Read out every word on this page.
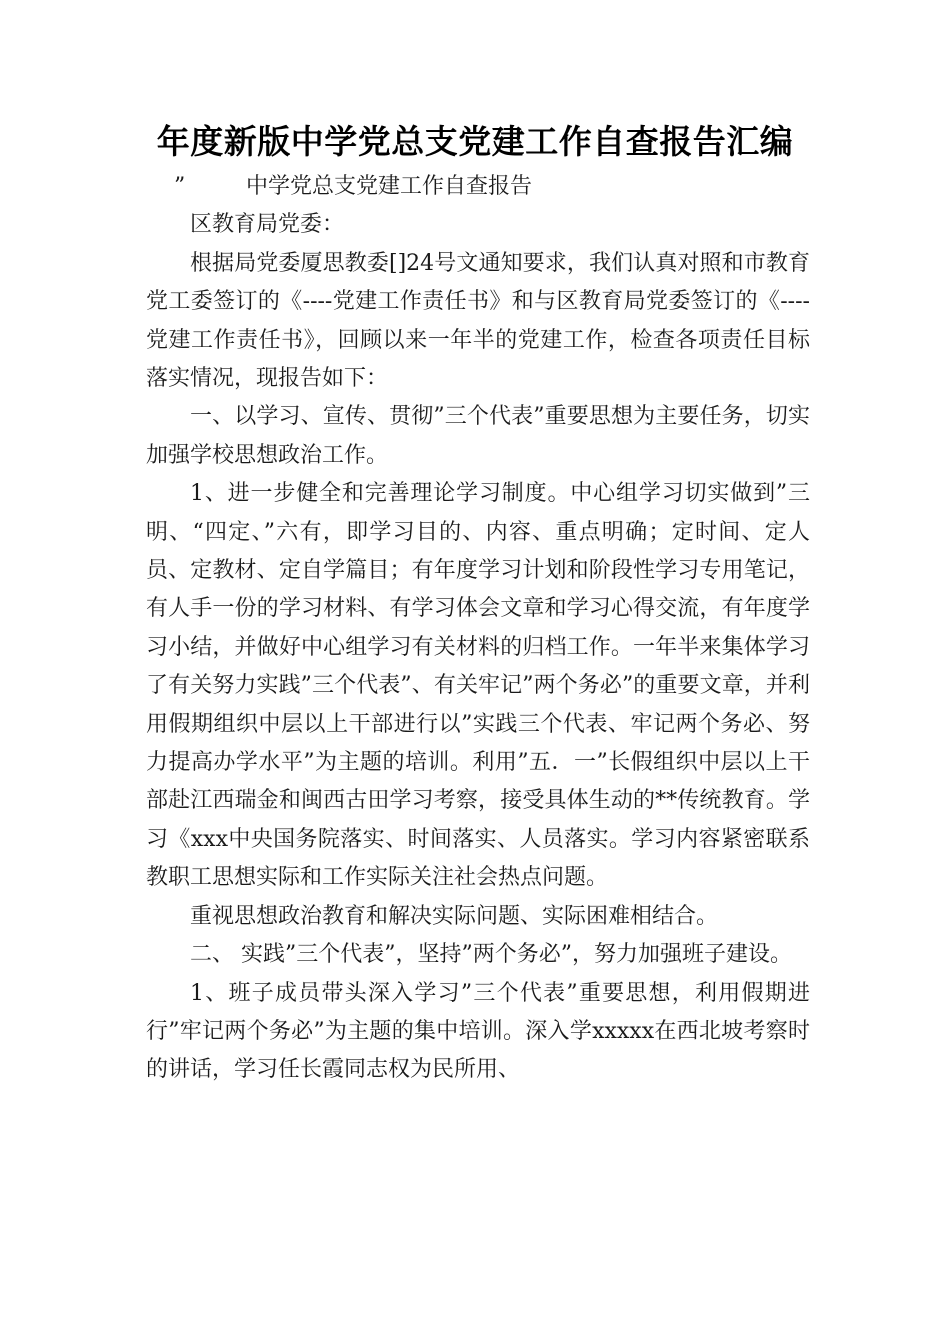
年度新版中学党总支党建工作自查报告汇编
”	中学党总支党建工作自查报告

区教育局党委：

根据局党委厦思教委[]24号文通知要求，我们认真对照和市教育党工委签订的《----党建工作责任书》和与区教育局党委签订的《----党建工作责任书》，回顾以来一年半的党建工作，检查各项责任目标落实情况，现报告如下：

一、以学习、宣传、贯彻”三个代表”重要思想为主要任务，切实加强学校思想政治工作。

1、进一步健全和完善理论学习制度。中心组学习切实做到”三明、“四定、”六有，即学习目的、内容、重点明确；定时间、定人员、定教材、定自学篇目；有年度学习计划和阶段性学习专用笔记，有人手一份的学习材料、有学习体会文章和学习心得交流，有年度学习小结，并做好中心组学习有关材料的归档工作。一年半来集体学习了有关努力实践”三个代表”、有关牢记”两个务必”的重要文章，并利用假期组织中层以上干部进行以”实践三个代表、牢记两个务必、努力提高办学水平”为主题的培训。利用”五．一”长假组织中层以上干部赴江西瑞金和闽西古田学习考察，接受具体生动的**传统教育。学习《xxx中央国务院落实、时间落实、人员落实。学习内容紧密联系教职工思想实际和工作实际关注社会热点问题。

重视思想政治教育和解决实际问题、实际困难相结合。

二、 实践”三个代表”，坚持”两个务必”，努力加强班子建设。

1、班子成员带头深入学习”三个代表”重要思想，利用假期进行”牢记两个务必”为主题的集中培训。深入学xxxxx在西北坡考察时的讲话，学习任长霞同志权为民所用、
